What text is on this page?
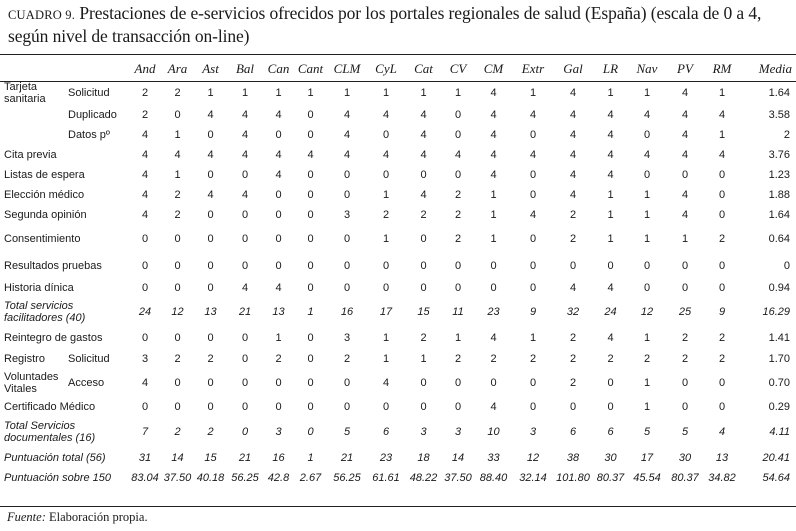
CUADRO 9. Prestaciones de e-servicios ofrecidos por los portales regionales de salud (España) (escala de 0 a 4, según nivel de transacción on-line)
		And	Ara	Ast	Bal	Can	Cant	CLM	CyL	Cat	CV	CM	Extr	Gal	LR	Nav	PV	RM	Media

Tarjeta sanitaria	Solicitud	2	2	1	1	1	1	1	1	1	1	4	1	4	1	1	4	1	1.64
	Duplicado	2	0	4	4	4	0	4	4	4	0	4	4	4	4	4	4	4	3.58
	Datos pº	4	1	0	4	0	0	4	0	4	0	4	0	4	4	0	4	1	2
Cita previa		4	4	4	4	4	4	4	4	4	4	4	4	4	4	4	4	4	3.76
Listas de espera		4	1	0	0	4	0	0	0	0	0	4	0	4	4	0	0	0	1.23
Elección médico		4	2	4	4	0	0	0	1	4	2	1	0	4	1	1	4	0	1.88
Segunda opinión		4	2	0	0	0	0	3	2	2	2	1	4	2	1	1	4	0	1.64
Consentimiento		0	0	0	0	0	0	0	1	0	2	1	0	2	1	1	1	2	0.64
Resultados pruebas		0	0	0	0	0	0	0	0	0	0	0	0	0	0	0	0	0	0
Historia dínica		0	0	0	4	4	0	0	0	0	0	0	0	4	4	0	0	0	0.94

Total servicios facilitadores (40)		24	12	13	21	13	1	16	17	15	11	23	9	32	24	12	25	9	16.29
Reintegro de gastos		0	0	0	0	1	0	3	1	2	1	4	1	2	4	1	2	2	1.41
Registro	Solicitud	3	2	2	0	2	0	2	1	1	2	2	2	2	2	2	2	2	1.70

Voluntades Vitales	Acceso	4	0	0	0	0	0	0	4	0	0	0	0	2	0	1	0	0	0.70
Certificado Médico		0	0	0	0	0	0	0	0	0	0	4	0	0	0	1	0	0	0.29

Total Servicios documentales (16)		7	2	2	0	3	0	5	6	3	3	10	3	6	6	5	5	4	4.11
Puntuación total (56)		31	14	15	21	16	1	21	23	18	14	33	12	38	30	17	30	13	20.41
Puntuación sobre 150		83.04	37.50	40.18	56.25	42.8	2.67	56.25	61.61	48.22	37.50	88.40	32.14	101.80	80.37	45.54	80.37	34.82	54.64
Fuente: Elaboración propia.
